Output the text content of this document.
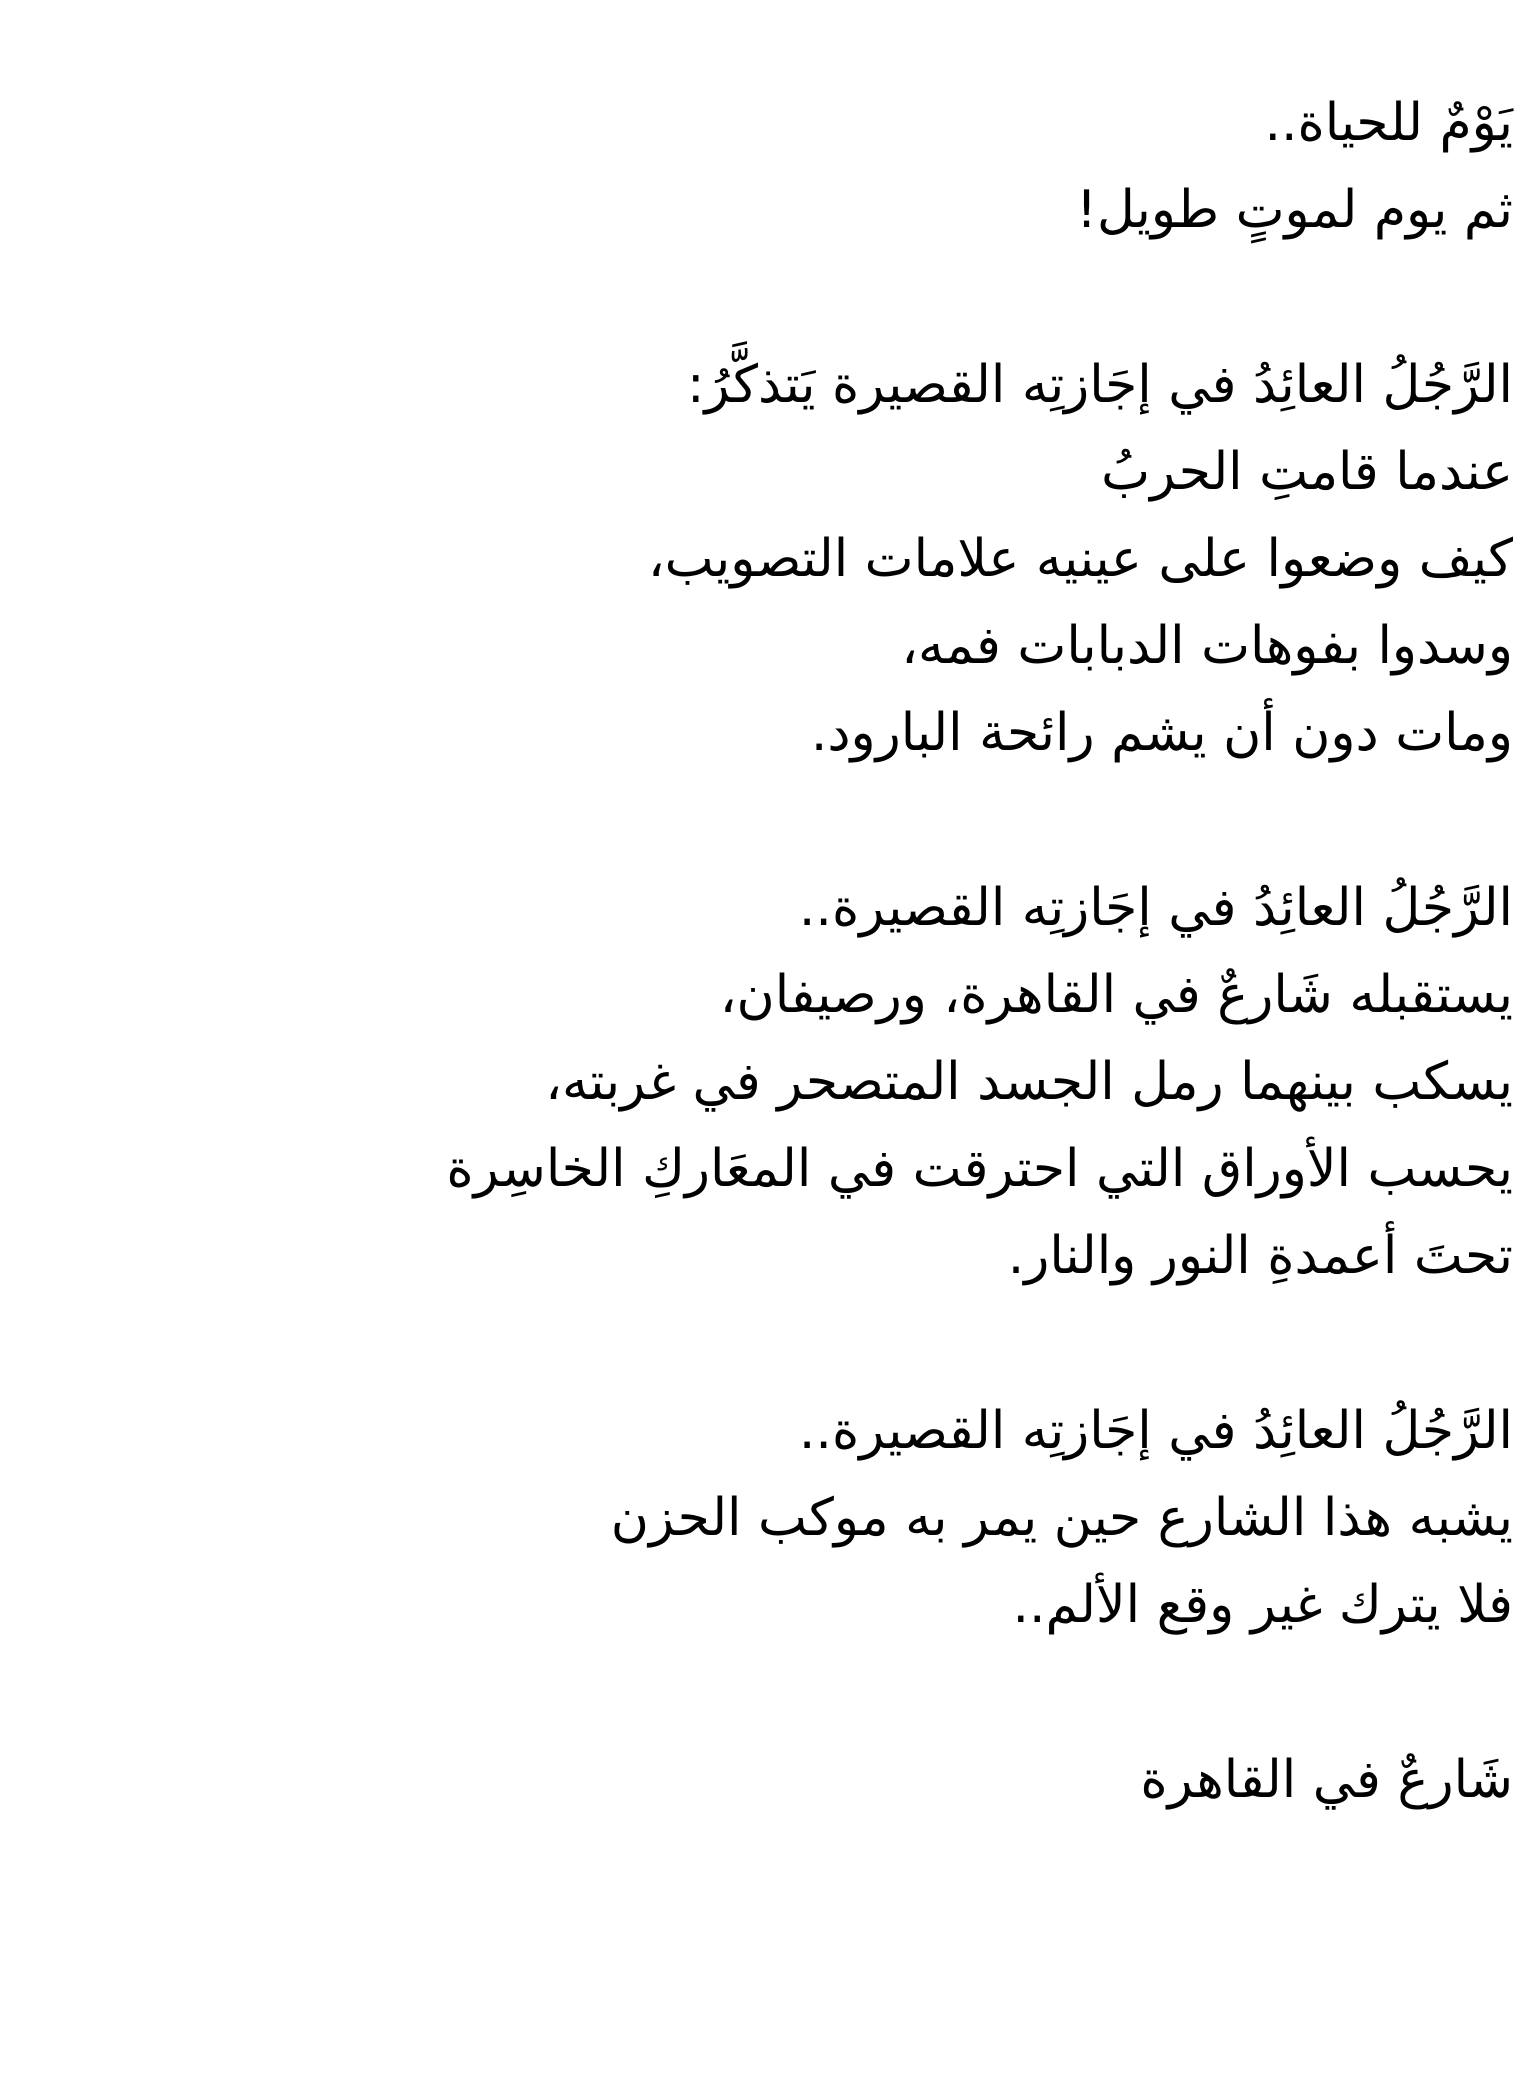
يَوْمٌ للحياة..
ثم يوم لموتٍ طويل!
الرَّجُلُ العائِدُ في إجَازتِه القصيرة يَتذكَّرُ:
عندما قامتِ الحربُ
كيف وضعوا على عينيه علامات التصويب،
وسدوا بفوهات الدبابات فمه،
ومات دون أن يشم رائحة البارود.
الرَّجُلُ العائِدُ في إجَازتِه القصيرة..
يستقبله شَارعٌ في القاهرة، ورصيفان،
يسكب بينهما رمل الجسد المتصحر في غربته،
يحسب الأوراق التي احترقت في المعَاركِ الخاسِرة
تحتَ أعمدةِ النور والنار.
الرَّجُلُ العائِدُ في إجَازتِه القصيرة..
يشبه هذا الشارع حين يمر به موكب الحزن
فلا يترك غير وقع الألم..
شَارعٌ في القاهرة
